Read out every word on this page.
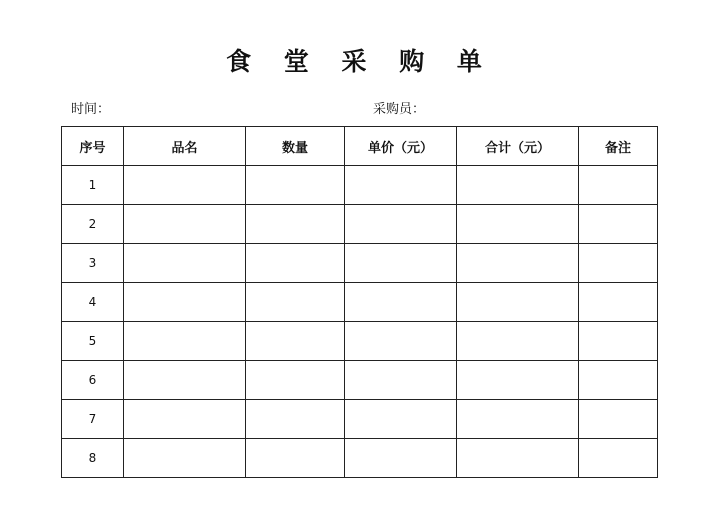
食 堂 采 购 单
时间：	采购员：
序号	品名	数量	单价（元）	合计（元）	备注
1					
2					
3					
4					
5					
6					
7					
8					
